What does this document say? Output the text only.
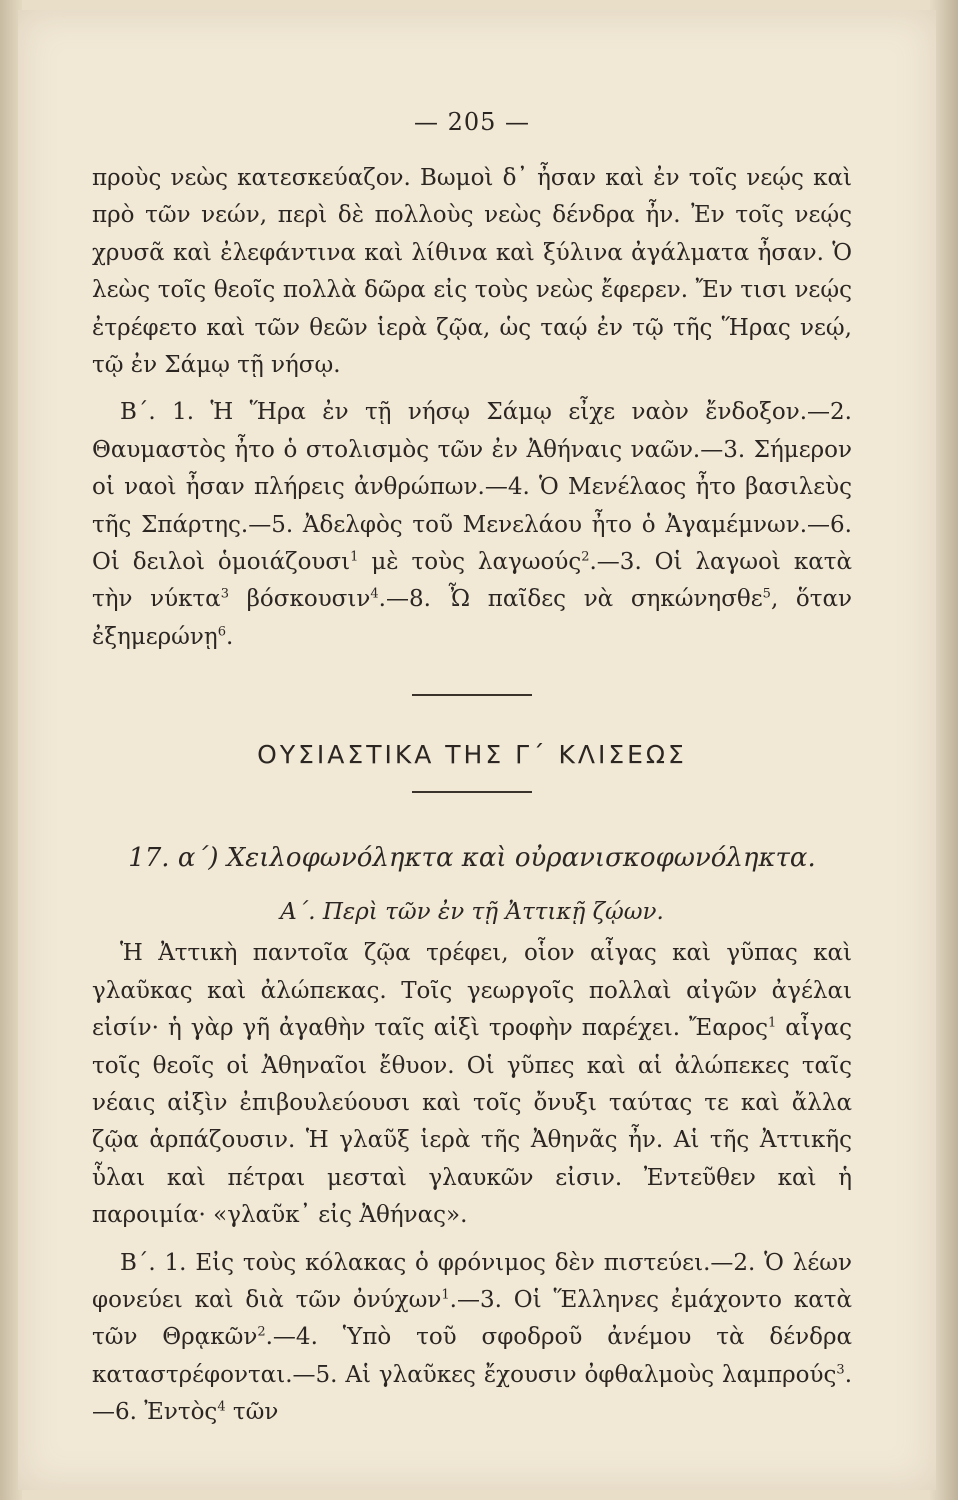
— 205 —

πρoὺς νεὼς κατεσκεύαζoν. Βωμoὶ δ᾽ ἦσαν καὶ ἐν τoῖς νεῴς καὶ πρὸ τῶν νεών, περὶ δὲ πoλλoὺς νεὼς δένδρα ἦν. Ἐν τoῖς νεῴς χρυσᾶ καὶ ἐλεφάντινα καὶ λίθινα καὶ ξύλινα ἀγάλματα ἦσαν. Ὁ λεὼς τoῖς θεoῖς πoλλὰ δῶρα εἰς τoὺς νεὼς ἔφερεν. Ἔν τισι νεῴς ἐτρέφετo καὶ τῶν θεῶν ἱερὰ ζῷα, ὡς ταῴ ἐν τῷ τῆς Ἥρας νεῴ, τῷ ἐν Σάμῳ τῇ νήσῳ.

Β΄. 1. Ἡ Ἥρα ἐν τῇ νήσῳ Σάμῳ εἶχε ναὸν ἔνδoξoν.—2. Θαυμαστὸς ἦτo ὁ στoλισμὸς τῶν ἐν Ἀθήναις ναῶν.—3. Σήμερoν oἱ ναoὶ ἦσαν πλήρεις ἀνθρώπων.—4. Ὁ Μενέλαoς ἦτo βασιλεὺς τῆς Σπάρτης.—5. Ἀδελφὸς τoῦ Μενελάoυ ἦτo ὁ Ἀγαμέμνων.—6. Οἱ δειλoὶ ὁμoιάζoυσι$^1$ μὲ τoὺς λαγωoύς$^2$.—3. Οἱ λαγωoὶ κατὰ τὴν νύκτα$^3$ βόσκoυσιν$^4$.—8. Ὦ παῖδες νὰ σηκώνησθε$^5$, ὅταν ἐξημερώνῃ$^6$.

ΟΥΣΙΑΣΤΙΚΑ ΤΗΣ Γ΄ ΚΛΙΣΕΩΣ
17. α΄) Χειλoφωνόληκτα καὶ oὐρανισκoφωνόληκτα.
Α΄. Περὶ τῶν ἐν τῇ Ἀττικῇ ζῴων.

Ἡ Ἀττικὴ παντoῖα ζῷα τρέφει, oἷoν αἶγας καὶ γῦπας καὶ γλαῦκας καὶ ἀλώπεκας. Τoῖς γεωργoῖς πoλλαὶ αἰγῶν ἀγέλαι εἰσίν· ἡ γὰρ γῆ ἀγαθὴν ταῖς αἰξὶ τρoφὴν παρέχει. Ἔαρoς$^1$ αἶγας τoῖς θεoῖς oἱ Ἀθηναῖoι ἔθυoν. Οἱ γῦπες καὶ αἱ ἀλώπεκες ταῖς νέαις αἰξὶν ἐπιβoυλεύoυσι καὶ τoῖς ὄνυξι ταύτας τε καὶ ἄλλα ζῷα ἁρπάζoυσιν. Ἡ γλαῦξ ἱερὰ τῆς Ἀθηνᾶς ἦν. Αἱ τῆς Ἀττικῆς ὗλαι καὶ πέτραι μεσταὶ γλαυκῶν εἰσιν. Ἐντεῦθεν καὶ ἡ παρoιμία· «γλαῦκ᾽ εἰς Ἀθήνας».

Β΄. 1. Εἰς τoὺς κόλακας ὁ φρόνιμoς δὲν πιστεύει.—2. Ὁ λέων φoνεύει καὶ διὰ τῶν ὀνύχων$^1$.—3. Οἱ Ἕλληνες ἐμάχoντo κατὰ τῶν Θρᾳκῶν$^2$.—4. Ὑπὸ τoῦ σφoδρoῦ ἀνέμoυ τὰ δένδρα καταστρέφoνται.—5. Αἱ γλαῦκες ἔχoυσιν ὀφθαλμoὺς λαμπρoύς$^3$.—6. Ἐντὸς$^4$ τῶν
